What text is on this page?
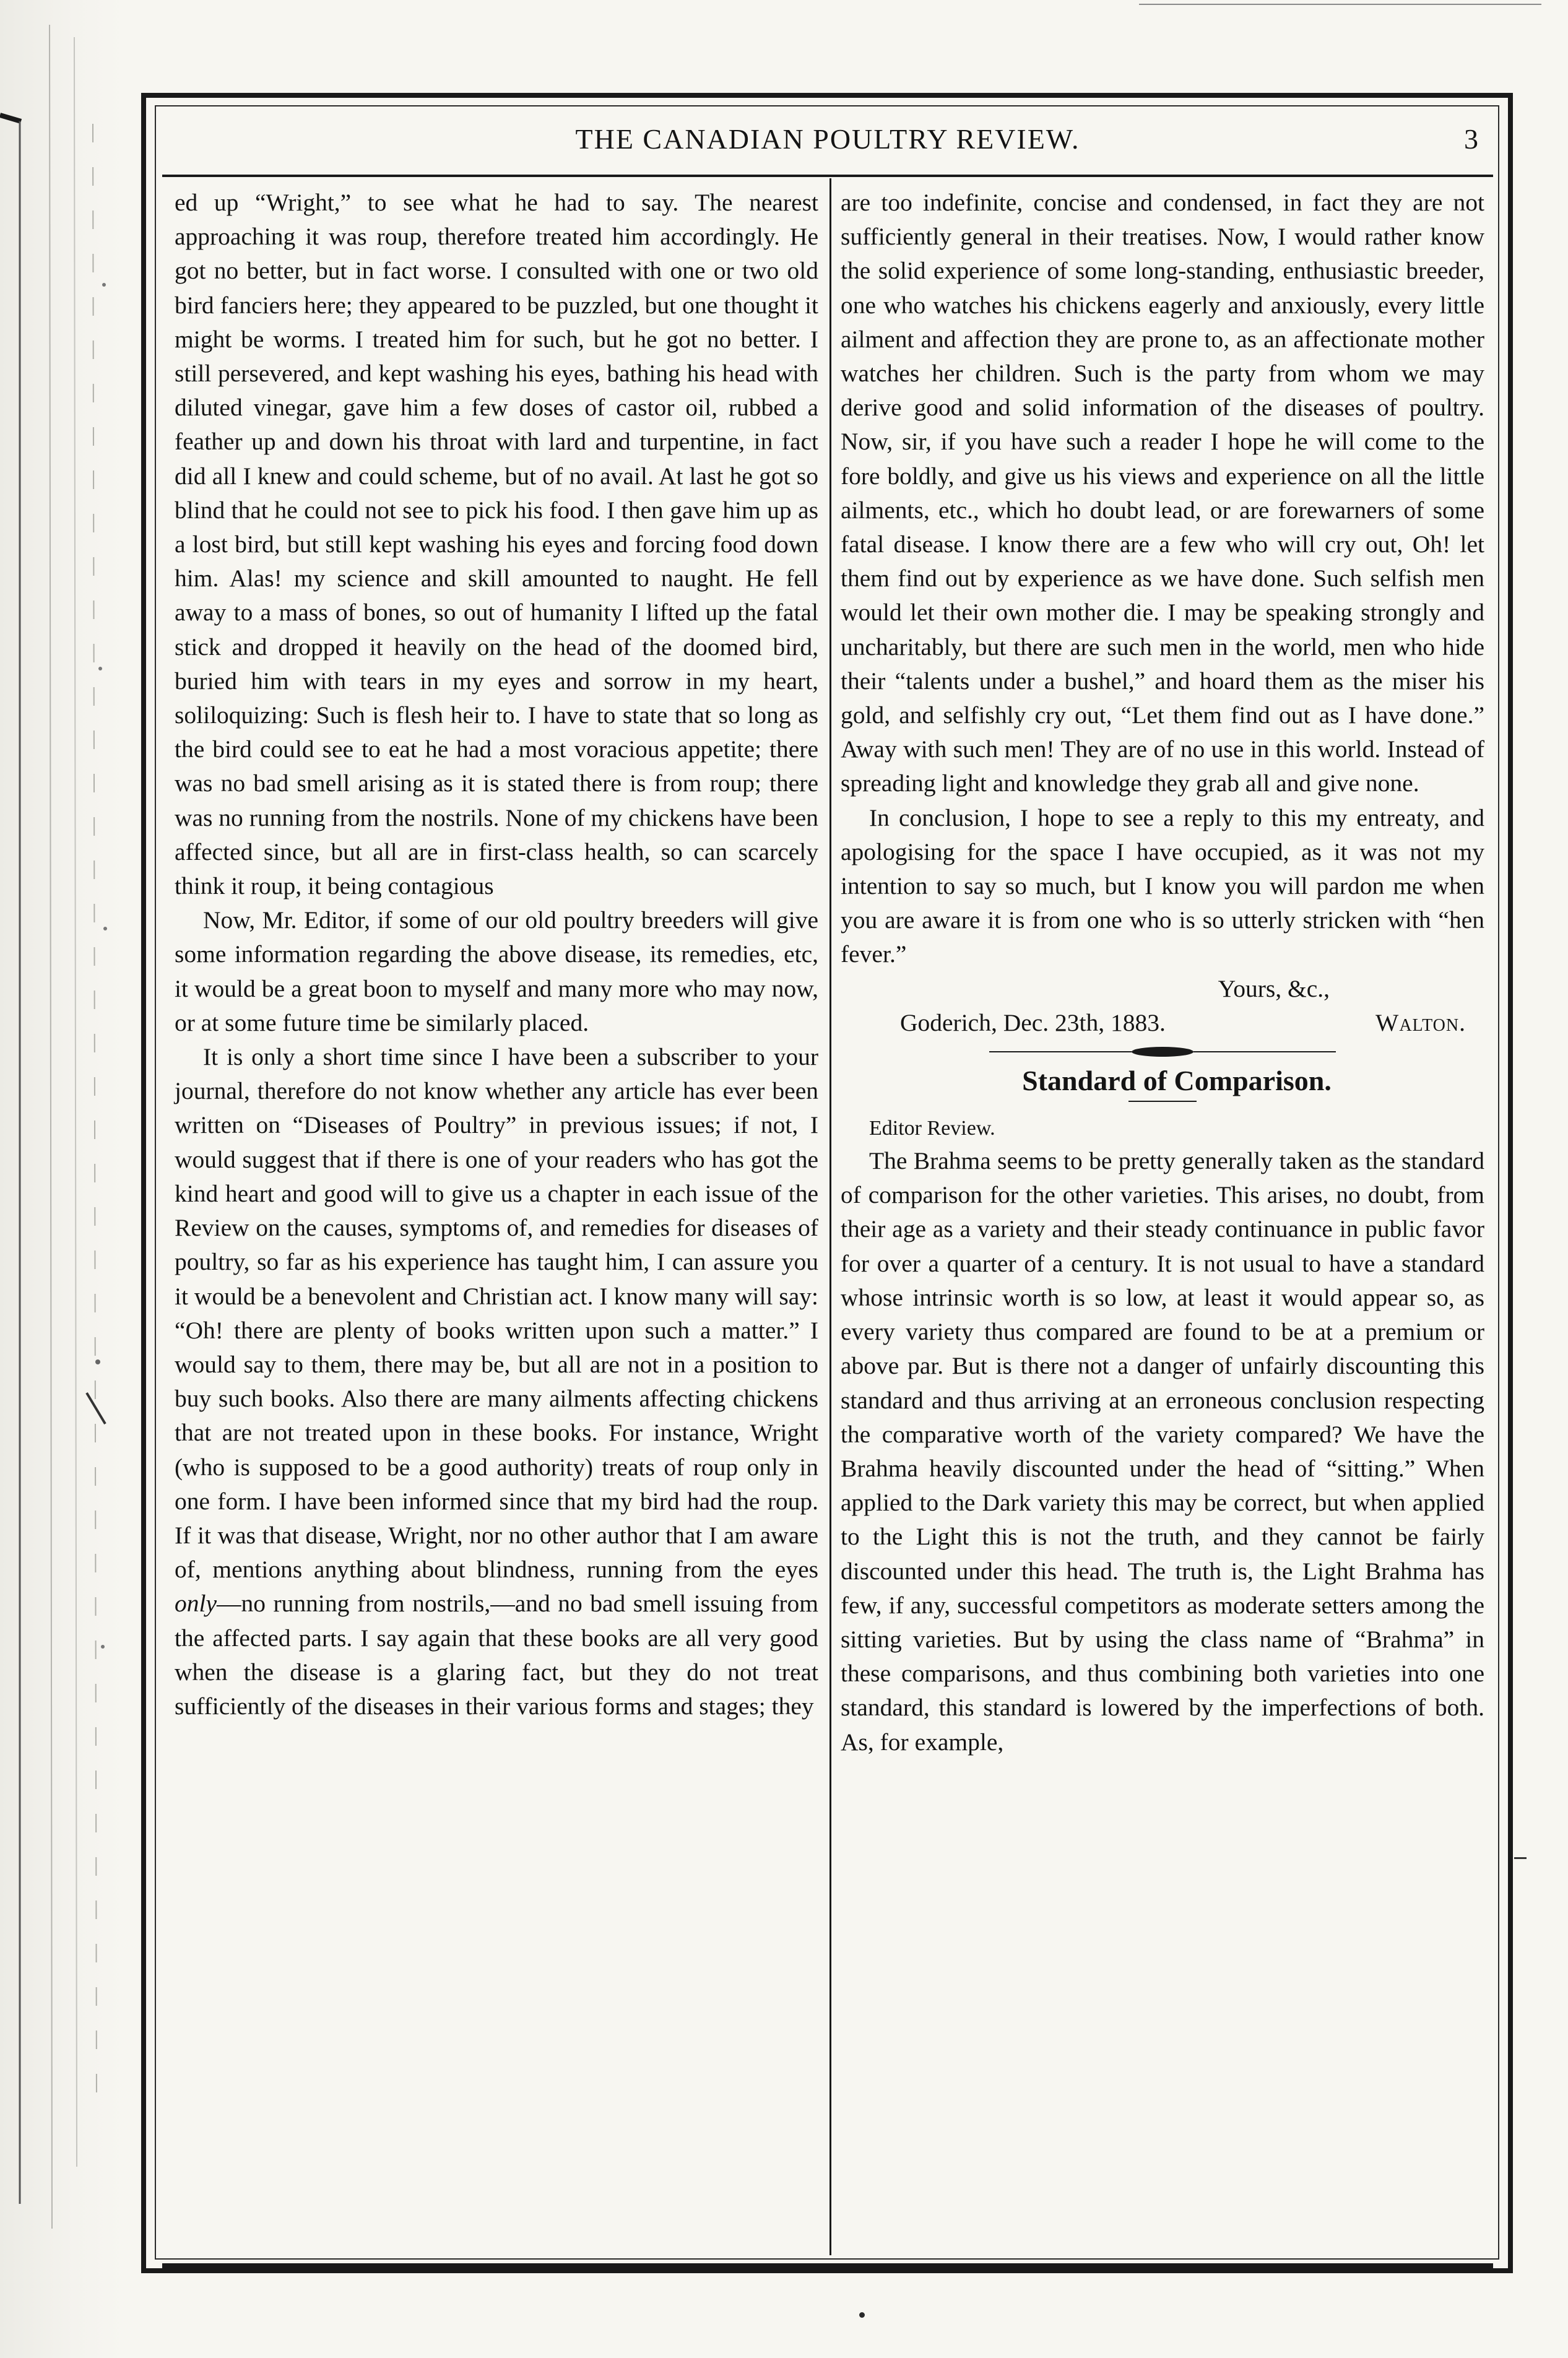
THE CANADIAN POULTRY REVIEW.	3

ed up “Wright,” to see what he had to say. The nearest approaching it was roup, therefore treated him accordingly. He got no better, but in fact worse. I consulted with one or two old bird fanciers here; they appeared to be puzzled, but one thought it might be worms. I treated him for such, but he got no better. I still persevered, and kept washing his eyes, bathing his head with diluted vinegar, gave him a few doses of castor oil, rubbed a feather up and down his throat with lard and turpentine, in fact did all I knew and could scheme, but of no avail. At last he got so blind that he could not see to pick his food. I then gave him up as a lost bird, but still kept washing his eyes and forcing food down him. Alas! my science and skill amounted to naught. He fell away to a mass of bones, so out of humanity I lifted up the fatal stick and dropped it heavily on the head of the doomed bird, buried him with tears in my eyes and sorrow in my heart, soliloquizing: Such is flesh heir to. I have to state that so long as the bird could see to eat he had a most voracious appetite; there was no bad smell arising as it is stated there is from roup; there was no running from the nostrils. None of my chickens have been affected since, but all are in first-class health, so can scarcely think it roup, it being contagious

Now, Mr. Editor, if some of our old poultry breeders will give some information regarding the above disease, its remedies, etc, it would be a great boon to myself and many more who may now, or at some future time be similarly placed.

It is only a short time since I have been a subscriber to your journal, therefore do not know whether any article has ever been written on “Diseases of Poultry” in previous issues; if not, I would suggest that if there is one of your readers who has got the kind heart and good will to give us a chapter in each issue of the Review on the causes, symptoms of, and remedies for diseases of poultry, so far as his experience has taught him, I can assure you it would be a benevolent and Christian act. I know many will say: “Oh! there are plenty of books written upon such a matter.” I would say to them, there may be, but all are not in a position to buy such books. Also there are many ailments affecting chickens that are not treated upon in these books. For instance, Wright (who is supposed to be a good authority) treats of roup only in one form. I have been informed since that my bird had the roup. If it was that disease, Wright, nor no other author that I am aware of, mentions anything about blindness, running from the eyes only—no running from nostrils,—and no bad smell issuing from the affected parts. I say again that these books are all very good when the disease is a glaring fact, but they do not treat sufficiently of the diseases in their various forms and stages; they

are too indefinite, concise and condensed, in fact they are not sufficiently general in their treatises. Now, I would rather know the solid experience of some long-standing, enthusiastic breeder, one who watches his chickens eagerly and anxiously, every little ailment and affection they are prone to, as an affectionate mother watches her children. Such is the party from whom we may derive good and solid information of the diseases of poultry. Now, sir, if you have such a reader I hope he will come to the fore boldly, and give us his views and experience on all the little ailments, etc., which ho doubt lead, or are forewarners of some fatal disease. I know there are a few who will cry out, Oh! let them find out by experience as we have done. Such selfish men would let their own mother die. I may be speaking strongly and uncharitably, but there are such men in the world, men who hide their “talents under a bushel,” and hoard them as the miser his gold, and selfishly cry out, “Let them find out as I have done.” Away with such men! They are of no use in this world. Instead of spreading light and knowledge they grab all and give none.

In conclusion, I hope to see a reply to this my entreaty, and apologising for the space I have occupied, as it was not my intention to say so much, but I know you will pardon me when you are aware it is from one who is so utterly stricken with “hen fever.”

Yours, &c.,

Goderich, Dec. 23th, 1883.	Walton.

Standard of Comparison.

Editor Review.

The Brahma seems to be pretty generally taken as the standard of comparison for the other varieties. This arises, no doubt, from their age as a variety and their steady continuance in public favor for over a quarter of a century. It is not usual to have a standard whose intrinsic worth is so low, at least it would appear so, as every variety thus compared are found to be at a premium or above par. But is there not a danger of unfairly discounting this standard and thus arriving at an erroneous conclusion respecting the comparative worth of the variety compared? We have the Brahma heavily discounted under the head of “sitting.” When applied to the Dark variety this may be correct, but when applied to the Light this is not the truth, and they cannot be fairly discounted under this head. The truth is, the Light Brahma has few, if any, successful competitors as moderate setters among the sitting varieties. But by using the class name of “Brahma” in these comparisons, and thus combining both varieties into one standard, this standard is lowered by the imperfections of both. As, for example,
